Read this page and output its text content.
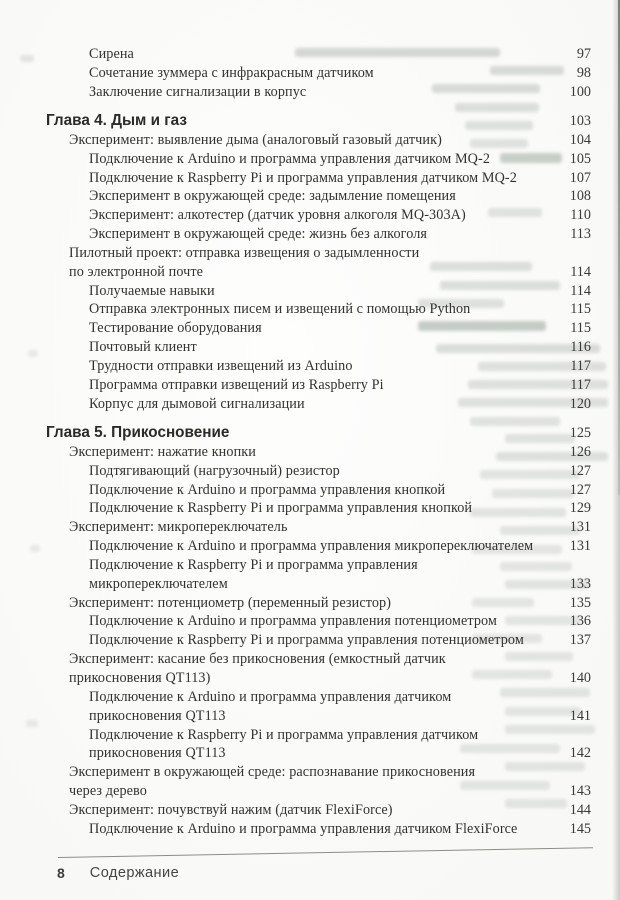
Сирена	97
Сочетание зуммера с инфракрасным датчиком	98
Заключение сигнализации в корпус	100
Глава 4. Дым и газ	103
Эксперимент: выявление дыма (аналоговый газовый датчик)	104
Подключение к Arduino и программа управления датчиком MQ-2	105
Подключение к Raspberry Pi и программа управления датчиком MQ-2	107
Эксперимент в окружающей среде: задымление помещения	108
Эксперимент: алкотестер (датчик уровня алкоголя MQ-303A)	110
Эксперимент в окружающей среде: жизнь без алкоголя	113
Пилотный проект: отправка извещения о задымленности
по электронной почте	114
Получаемые навыки	114
Отправка электронных писем и извещений с помощью Python	115
Тестирование оборудования	115
Почтовый клиент	116
Трудности отправки извещений из Arduino	117
Программа отправки извещений из Raspberry Pi	117
Корпус для дымовой сигнализации	120
Глава 5. Прикосновение	125
Эксперимент: нажатие кнопки	126
Подтягивающий (нагрузочный) резистор	127
Подключение к Arduino и программа управления кнопкой	127
Подключение к Raspberry Pi и программа управления кнопкой	129
Эксперимент: микропереключатель	131
Подключение к Arduino и программа управления микропереключателем	131
Подключение к Raspberry Pi и программа управления
микропереключателем	133
Эксперимент: потенциометр (переменный резистор)	135
Подключение к Arduino и программа управления потенциометром	136
Подключение к Raspberry Pi и программа управления потенциометром	137
Эксперимент: касание без прикосновения (емкостный датчик
прикосновения QT113)	140
Подключение к Arduino и программа управления датчиком
прикосновения QT113	141
Подключение к Raspberry Pi и программа управления датчиком
прикосновения QT113	142
Эксперимент в окружающей среде: распознавание прикосновения
через дерево	143
Эксперимент: почувствуй нажим (датчик FlexiForce)	144
Подключение к Arduino и программа управления датчиком FlexiForce	145
8 Содержание
